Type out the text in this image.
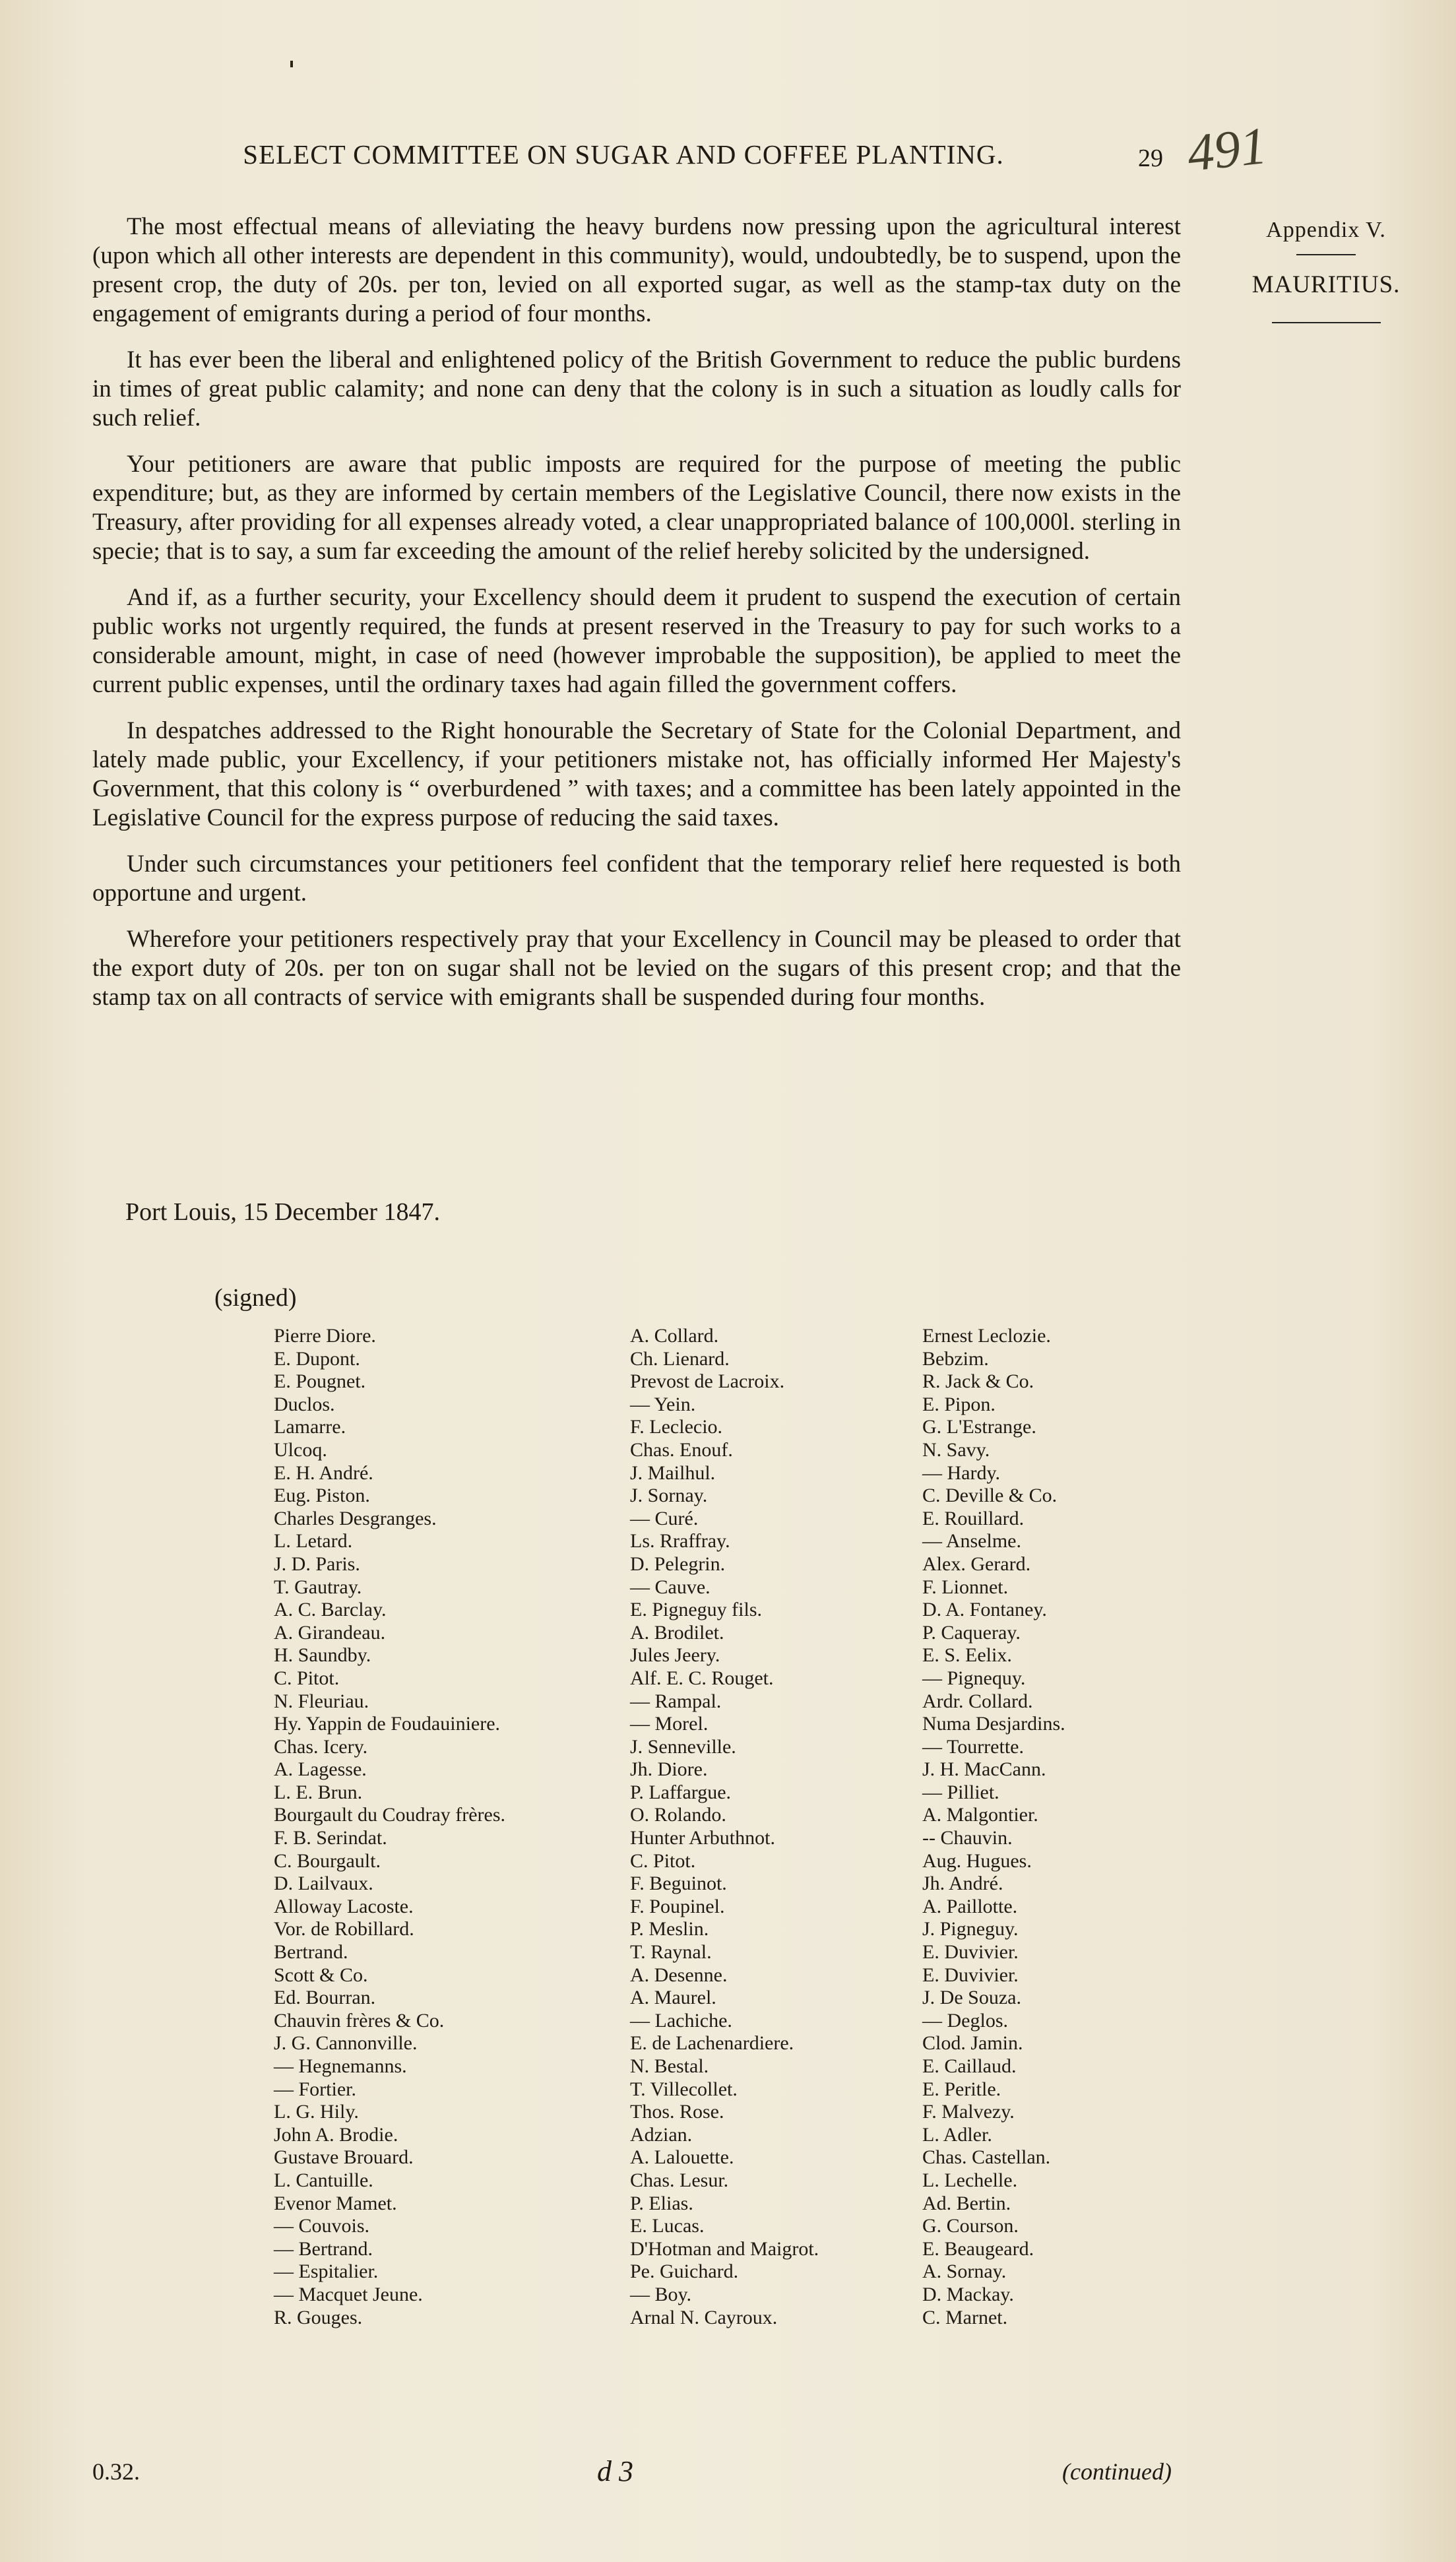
SELECT COMMITTEE ON SUGAR AND COFFEE PLANTING.	29 491
Appendix V.
MAURITIUS.

The most effectual means of alleviating the heavy burdens now pressing upon the agricultural interest (upon which all other interests are dependent in this community), would, undoubtedly, be to suspend, upon the present crop, the duty of 20s. per ton, levied on all exported sugar, as well as the stamp-tax duty on the engagement of emigrants during a period of four months.

It has ever been the liberal and enlightened policy of the British Government to reduce the public burdens in times of great public calamity; and none can deny that the colony is in such a situation as loudly calls for such relief.

Your petitioners are aware that public imposts are required for the purpose of meeting the public expenditure; but, as they are informed by certain members of the Legislative Council, there now exists in the Treasury, after providing for all expenses already voted, a clear unappropriated balance of 100,000l. sterling in specie; that is to say, a sum far exceeding the amount of the relief hereby solicited by the undersigned.

And if, as a further security, your Excellency should deem it prudent to suspend the execution of certain public works not urgently required, the funds at present reserved in the Treasury to pay for such works to a considerable amount, might, in case of need (however improbable the supposition), be applied to meet the current public expenses, until the ordinary taxes had again filled the government coffers.

In despatches addressed to the Right honourable the Secretary of State for the Colonial Department, and lately made public, your Excellency, if your petitioners mistake not, has officially informed Her Majesty's Government, that this colony is “ overburdened ” with taxes; and a committee has been lately appointed in the Legislative Council for the express purpose of reducing the said taxes.

Under such circumstances your petitioners feel confident that the temporary relief here requested is both opportune and urgent.

Wherefore your petitioners respectively pray that your Excellency in Council may be pleased to order that the export duty of 20s. per ton on sugar shall not be levied on the sugars of this present crop; and that the stamp tax on all contracts of service with emigrants shall be suspended during four months.

Port Louis, 15 December 1847.
(signed)
Pierre Diore.
E. Dupont.
E. Pougnet.
Duclos.
Lamarre.
Ulcoq.
E. H. André.
Eug. Piston.
Charles Desgranges.
L. Letard.
J. D. Paris.
T. Gautray.
A. C. Barclay.
A. Girandeau.
H. Saundby.
C. Pitot.
N. Fleuriau.
Hy. Yappin de Foudauiniere.
Chas. Icery.
A. Lagesse.
L. E. Brun.
Bourgault du Coudray frères.
F. B. Serindat.
C. Bourgault.
D. Lailvaux.
Alloway Lacoste.
Vor. de Robillard.
Bertrand.
Scott & Co.
Ed. Bourran.
Chauvin frères & Co.
J. G. Cannonville.
— Hegnemanns.
— Fortier.
L. G. Hily.
John A. Brodie.
Gustave Brouard.
L. Cantuille.
Evenor Mamet.
— Couvois.
— Bertrand.
— Espitalier.
— Macquet Jeune.
R. Gouges.
A. Collard.
Ch. Lienard.
Prevost de Lacroix.
— Yein.
F. Leclecio.
Chas. Enouf.
J. Mailhul.
J. Sornay.
— Curé.
Ls. Rraffray.
D. Pelegrin.
— Cauve.
E. Pigneguy fils.
A. Brodilet.
Jules Jeery.
Alf. E. C. Rouget.
— Rampal.
— Morel.
J. Senneville.
Jh. Diore.
P. Laffargue.
O. Rolando.
Hunter Arbuthnot.
C. Pitot.
F. Beguinot.
F. Poupinel.
P. Meslin.
T. Raynal.
A. Desenne.
A. Maurel.
— Lachiche.
E. de Lachenardiere.
N. Bestal.
T. Villecollet.
Thos. Rose.
Adzian.
A. Lalouette.
Chas. Lesur.
P. Elias.
E. Lucas.
D'Hotman and Maigrot.
Pe. Guichard.
— Boy.
Arnal N. Cayroux.
Ernest Leclozie.
Bebzim.
R. Jack & Co.
E. Pipon.
G. L'Estrange.
N. Savy.
— Hardy.
C. Deville & Co.
E. Rouillard.
— Anselme.
Alex. Gerard.
F. Lionnet.
D. A. Fontaney.
P. Caqueray.
E. S. Eelix.
— Pignequy.
Ardr. Collard.
Numa Desjardins.
— Tourrette.
J. H. MacCann.
— Pilliet.
A. Malgontier.
-- Chauvin.
Aug. Hugues.
Jh. André.
A. Paillotte.
J. Pigneguy.
E. Duvivier.
E. Duvivier.
J. De Souza.
— Deglos.
Clod. Jamin.
E. Caillaud.
E. Peritle.
F. Malvezy.
L. Adler.
Chas. Castellan.
L. Lechelle.
Ad. Bertin.
G. Courson.
E. Beaugeard.
A. Sornay.
D. Mackay.
C. Marnet.
0.32.	d 3	(continued)
